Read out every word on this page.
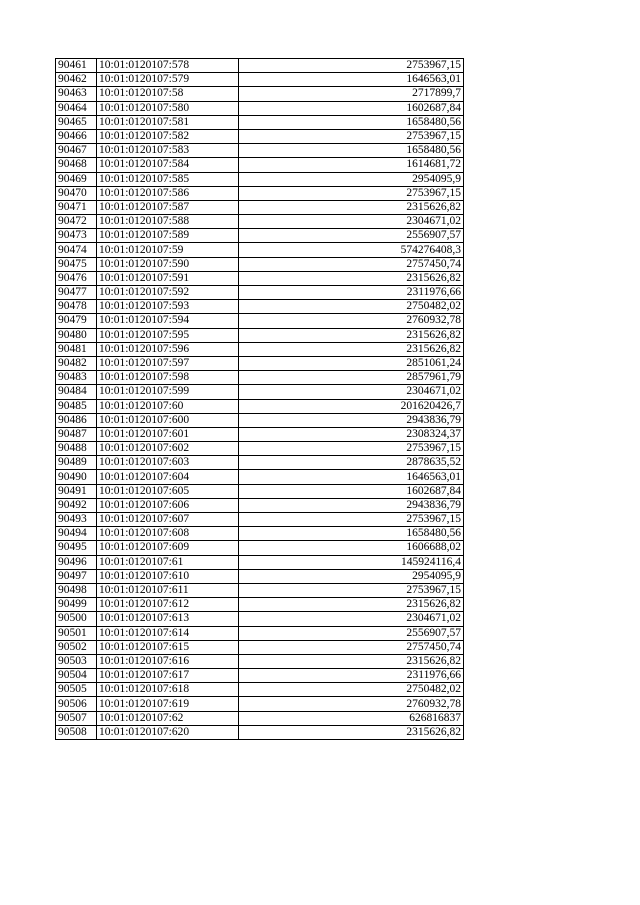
90461	10:01:0120107:578	2753967,15
90462	10:01:0120107:579	1646563,01
90463	10:01:0120107:58	2717899,7
90464	10:01:0120107:580	1602687,84
90465	10:01:0120107:581	1658480,56
90466	10:01:0120107:582	2753967,15
90467	10:01:0120107:583	1658480,56
90468	10:01:0120107:584	1614681,72
90469	10:01:0120107:585	2954095,9
90470	10:01:0120107:586	2753967,15
90471	10:01:0120107:587	2315626,82
90472	10:01:0120107:588	2304671,02
90473	10:01:0120107:589	2556907,57
90474	10:01:0120107:59	574276408,3
90475	10:01:0120107:590	2757450,74
90476	10:01:0120107:591	2315626,82
90477	10:01:0120107:592	2311976,66
90478	10:01:0120107:593	2750482,02
90479	10:01:0120107:594	2760932,78
90480	10:01:0120107:595	2315626,82
90481	10:01:0120107:596	2315626,82
90482	10:01:0120107:597	2851061,24
90483	10:01:0120107:598	2857961,79
90484	10:01:0120107:599	2304671,02
90485	10:01:0120107:60	201620426,7
90486	10:01:0120107:600	2943836,79
90487	10:01:0120107:601	2308324,37
90488	10:01:0120107:602	2753967,15
90489	10:01:0120107:603	2878635,52
90490	10:01:0120107:604	1646563,01
90491	10:01:0120107:605	1602687,84
90492	10:01:0120107:606	2943836,79
90493	10:01:0120107:607	2753967,15
90494	10:01:0120107:608	1658480,56
90495	10:01:0120107:609	1606688,02
90496	10:01:0120107:61	145924116,4
90497	10:01:0120107:610	2954095,9
90498	10:01:0120107:611	2753967,15
90499	10:01:0120107:612	2315626,82
90500	10:01:0120107:613	2304671,02
90501	10:01:0120107:614	2556907,57
90502	10:01:0120107:615	2757450,74
90503	10:01:0120107:616	2315626,82
90504	10:01:0120107:617	2311976,66
90505	10:01:0120107:618	2750482,02
90506	10:01:0120107:619	2760932,78
90507	10:01:0120107:62	626816837
90508	10:01:0120107:620	2315626,82
